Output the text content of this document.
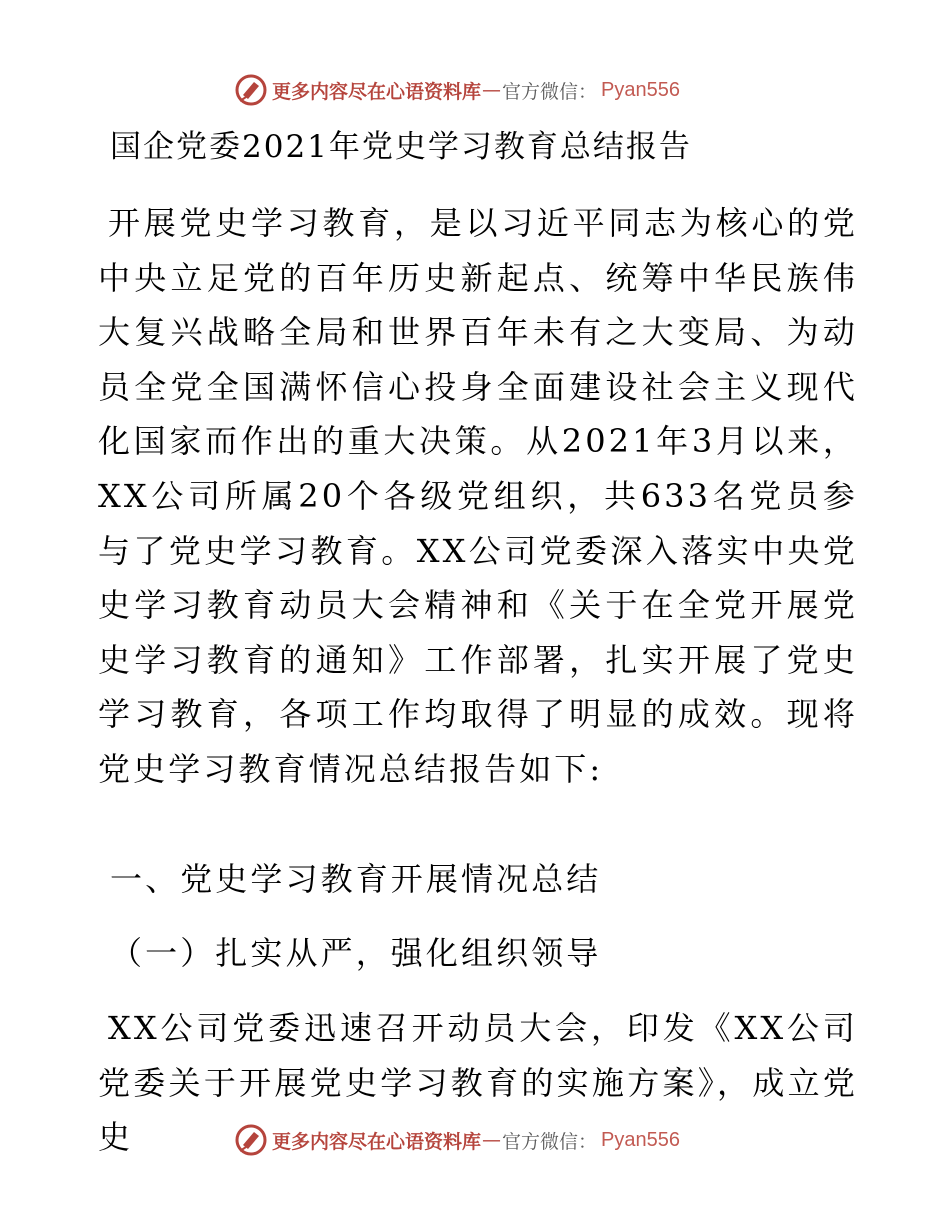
更多内容尽在心语资料库 — 官方微信： Pyan556
国企党委2021年党史学习教育总结报告
开展党史学习教育，是以习近平同志为核心的党中央立足党的百年历史新起点、统筹中华民族伟大复兴战略全局和世界百年未有之大变局、为动员全党全国满怀信心投身全面建设社会主义现代化国家而作出的重大决策。从2021年3月以来，XX公司所属20个各级党组织，共633名党员参与了党史学习教育。XX公司党委深入落实中央党史学习教育动员大会精神和《关于在全党开展党史学习教育的通知》工作部署，扎实开展了党史学习教育，各项工作均取得了明显的成效。现将党史学习教育情况总结报告如下:
一、党史学习教育开展情况总结
（一）扎实从严，强化组织领导
XX公司党委迅速召开动员大会，印发《XX公司党委关于开展党史学习教育的实施方案》，成立党史	更多内容尽在心语资料库 — 官方微信： Pyan556
